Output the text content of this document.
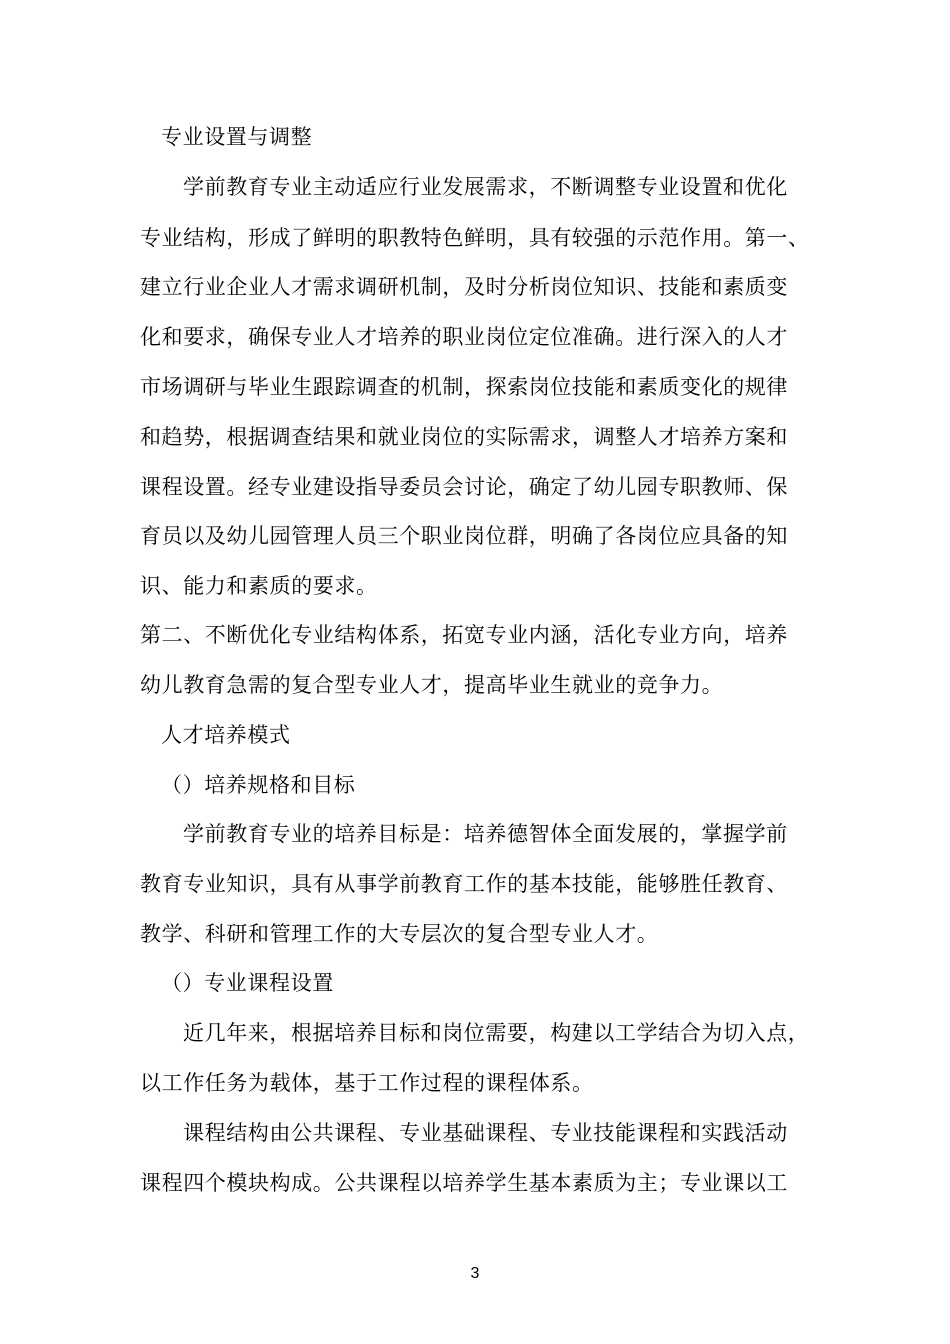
专业设置与调整
学前教育专业主动适应行业发展需求，不断调整专业设置和优化
专业结构，形成了鲜明的职教特色鲜明，具有较强的示范作用。第一、
建立行业企业人才需求调研机制，及时分析岗位知识、技能和素质变
化和要求，确保专业人才培养的职业岗位定位准确。进行深入的人才
市场调研与毕业生跟踪调查的机制，探索岗位技能和素质变化的规律
和趋势，根据调查结果和就业岗位的实际需求，调整人才培养方案和
课程设置。经专业建设指导委员会讨论，确定了幼儿园专职教师、保
育员以及幼儿园管理人员三个职业岗位群，明确了各岗位应具备的知
识、能力和素质的要求。
第二、不断优化专业结构体系，拓宽专业内涵，活化专业方向，培养
幼儿教育急需的复合型专业人才，提高毕业生就业的竞争力。
人才培养模式
（）培养规格和目标
学前教育专业的培养目标是：培养德智体全面发展的，掌握学前
教育专业知识，具有从事学前教育工作的基本技能，能够胜任教育、
教学、科研和管理工作的大专层次的复合型专业人才。
（）专业课程设置
近几年来，根据培养目标和岗位需要，构建以工学结合为切入点，
以工作任务为载体，基于工作过程的课程体系。
课程结构由公共课程、专业基础课程、专业技能课程和实践活动
课程四个模块构成。公共课程以培养学生基本素质为主；专业课以工
3
